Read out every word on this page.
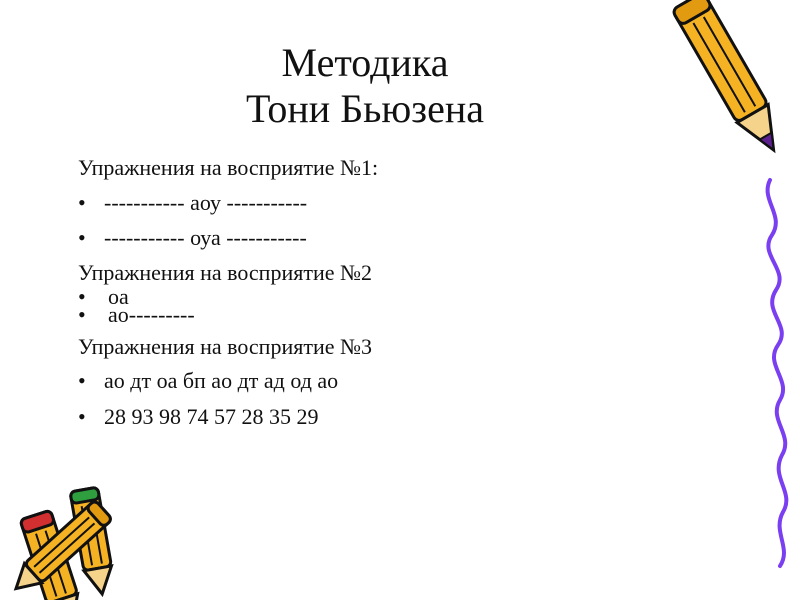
Методика
Тони Бьюзена
Упражнения на восприятие №1:
• ----------- аоу -----------
• ----------- оуа -----------
Упражнения на восприятие №2
• оа
• ао---------
Упражнения на восприятие №3
• ао дт оа бп ао дт ад од ао
• 28 93 98 74 57 28 35 29
